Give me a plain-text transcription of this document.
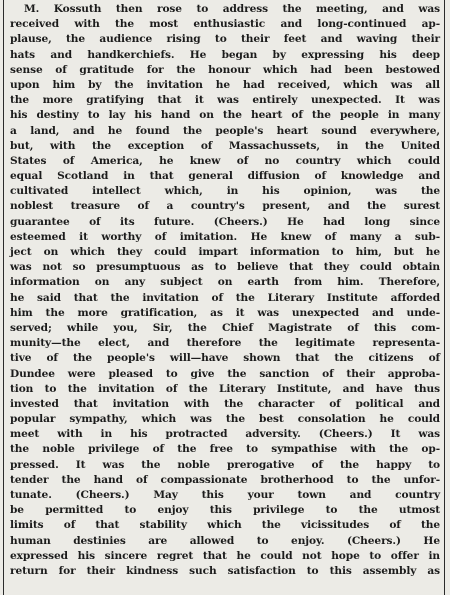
M. Kossuth then rose to address the meeting, and was
received with the most enthusiastic and long-continued ap-
plause, the audience rising to their feet and waving their
hats and handkerchiefs. He began by expressing his deep
sense of gratitude for the honour which had been bestowed
upon him by the invitation he had received, which was all
the more gratifying that it was entirely unexpected. It was
his destiny to lay his hand on the heart of the people in many
a land, and he found the people's heart sound everywhere,
but, with the exception of Massachussets, in the United
States of America, he knew of no country which could
equal Scotland in that general diffusion of knowledge and
cultivated intellect which, in his opinion, was the
noblest treasure of a country's present, and the surest
guarantee of its future. (Cheers.) He had long since
esteemed it worthy of imitation. He knew of many a sub-
ject on which they could impart information to him, but he
was not so presumptuous as to believe that they could obtain
information on any subject on earth from him. Therefore,
he said that the invitation of the Literary Institute afforded
him the more gratification, as it was unexpected and unde-
served; while you, Sir, the Chief Magistrate of this com-
munity—the elect, and therefore the legitimate representa-
tive of the people's will—have shown that the citizens of
Dundee were pleased to give the sanction of their approba-
tion to the invitation of the Literary Institute, and have thus
invested that invitation with the character of political and
popular sympathy, which was the best consolation he could
meet with in his protracted adversity. (Cheers.) It was
the noble privilege of the free to sympathise with the op-
pressed. It was the noble prerogative of the happy to
tender the hand of compassionate brotherhood to the unfor-
tunate. (Cheers.) May this your town and country
be permitted to enjoy this privilege to the utmost
limits of that stability which the vicissitudes of the
human destinies are allowed to enjoy. (Cheers.) He
expressed his sincere regret that he could not hope to offer in
return for their kindness such satisfaction to this assembly as
